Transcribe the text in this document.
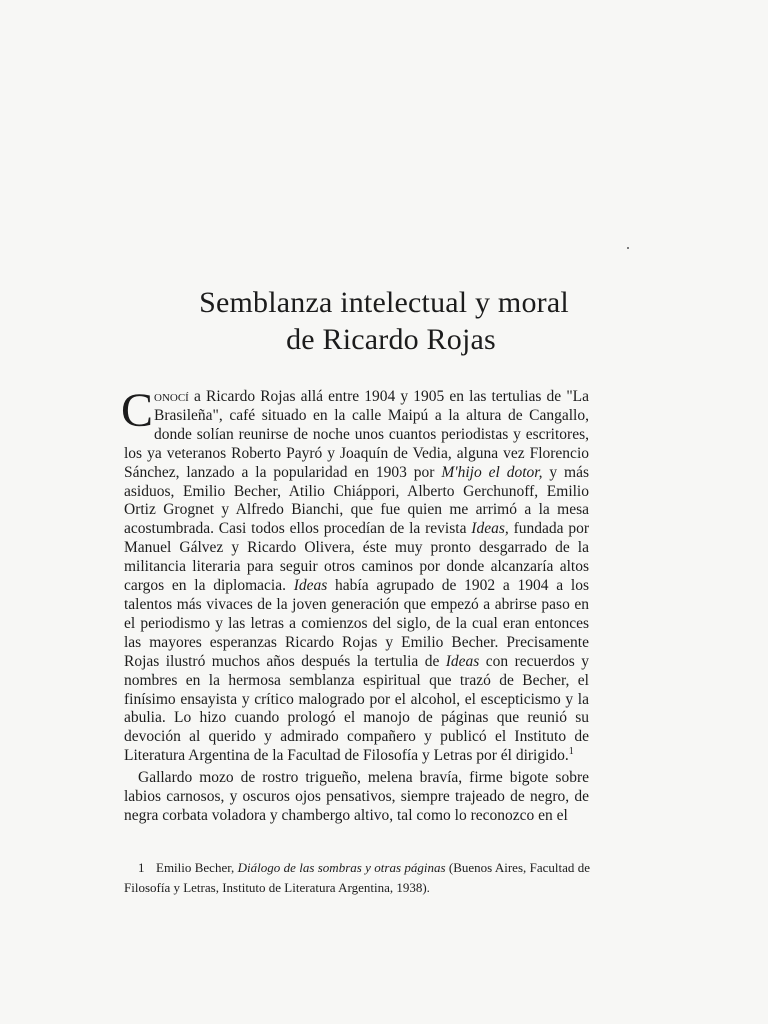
Semblanza intelectual y moral
de Ricardo Rojas

Conocí a Ricardo Rojas allá entre 1904 y 1905 en las tertulias de "La Brasileña", café situado en la calle Maipú a la altura de Cangallo, donde solían reunirse de noche unos cuantos periodistas y escritores, los ya veteranos Roberto Payró y Joaquín de Vedia, alguna vez Florencio Sánchez, lanzado a la popularidad en 1903 por M'hijo el dotor, y más asiduos, Emilio Becher, Atilio Chiáppori, Alberto Gerchunoff, Emilio Ortiz Grognet y Alfredo Bianchi, que fue quien me arrimó a la mesa acostumbrada. Casi todos ellos procedían de la revista Ideas, fundada por Manuel Gálvez y Ricardo Olivera, éste muy pronto desgarrado de la militancia literaria para seguir otros caminos por donde alcanzaría altos cargos en la diplomacia. Ideas había agrupado de 1902 a 1904 a los talentos más vivaces de la joven generación que empezó a abrirse paso en el periodismo y las letras a comienzos del siglo, de la cual eran entonces las mayores esperanzas Ricardo Rojas y Emilio Becher. Precisamente Rojas ilustró muchos años después la tertulia de Ideas con recuerdos y nombres en la hermosa semblanza espiritual que trazó de Becher, el finísimo ensayista y crítico malogrado por el alcohol, el escepticismo y la abulia. Lo hizo cuando prologó el manojo de páginas que reunió su devoción al querido y admirado compañero y publicó el Instituto de Literatura Argentina de la Facultad de Filosofía y Letras por él dirigido.$^1$

Gallardo mozo de rostro trigueño, melena bravía, firme bigote sobre labios carnosos, y oscuros ojos pensativos, siempre trajeado de negro, de negra corbata voladora y chambergo altivo, tal como lo reconozco en el

1 Emilio Becher, Diálogo de las sombras y otras páginas (Buenos Aires, Facultad de Filosofía y Letras, Instituto de Literatura Argentina, 1938).
